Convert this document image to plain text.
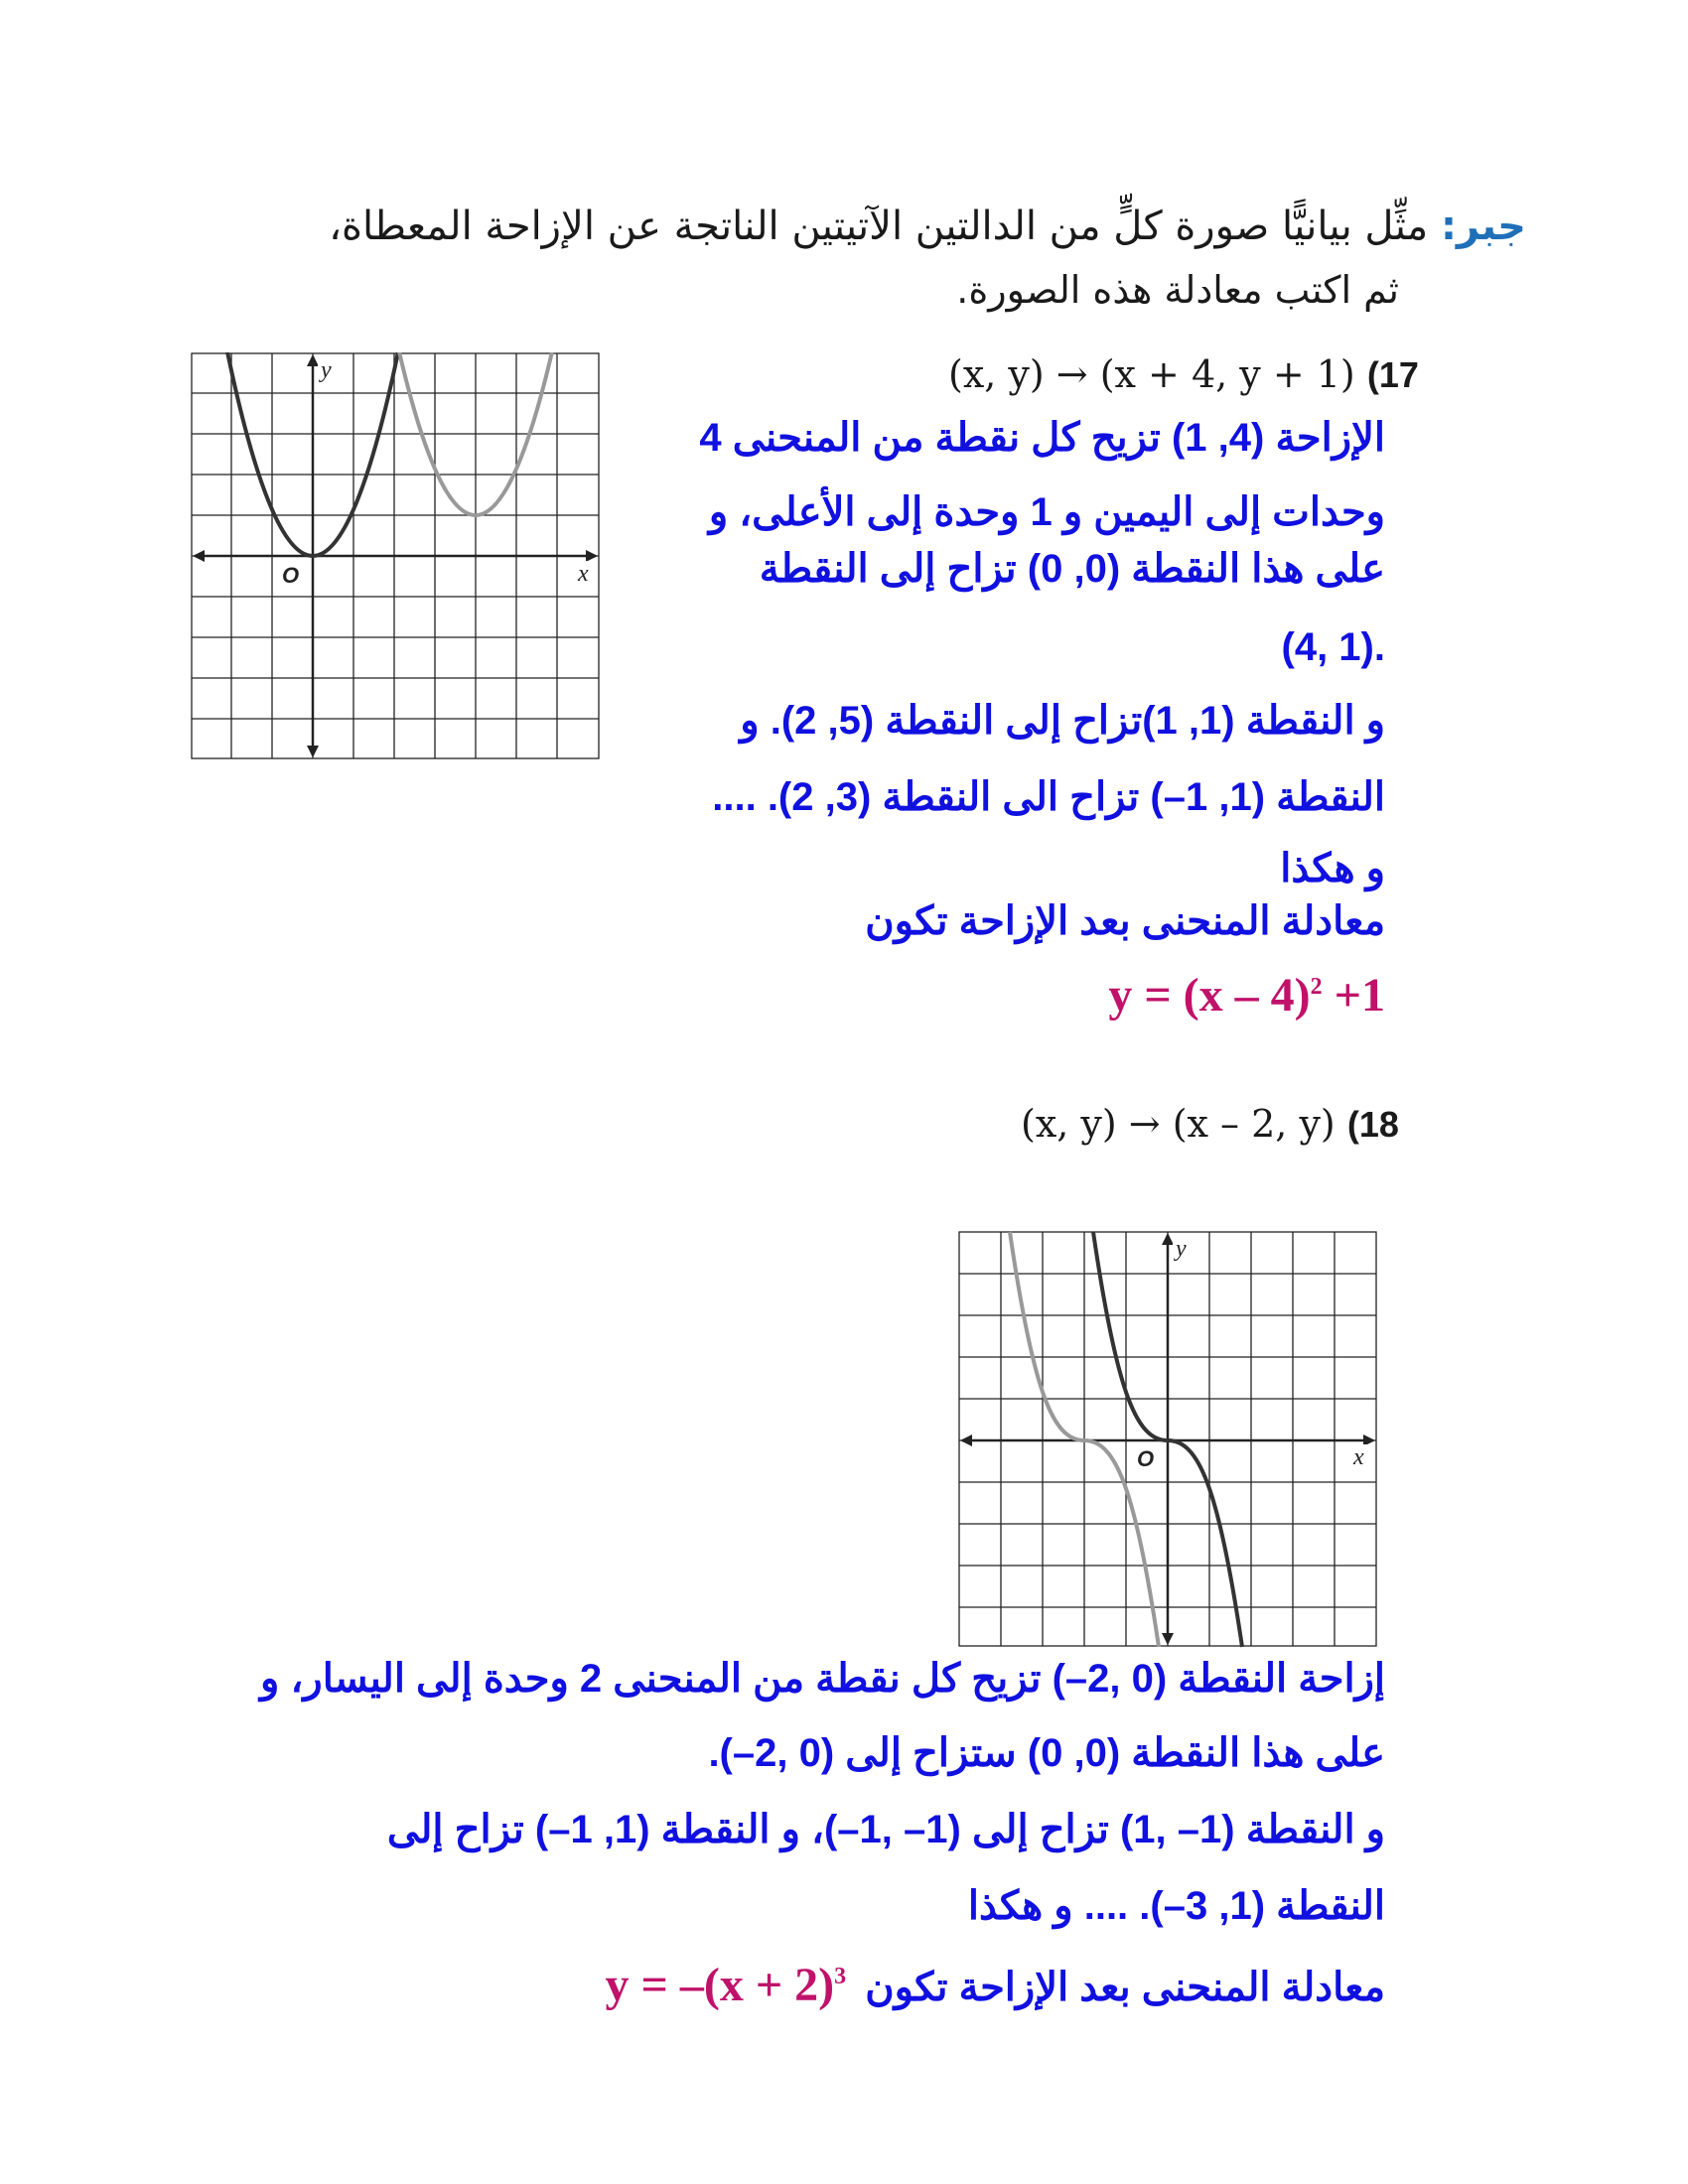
جبر: مثِّل بيانيًّا صورة كلٍّ من الدالتين الآتيتين الناتجة عن الإزاحة المعطاة،
ثم اكتب معادلة هذه الصورة.
(x, y) → (x + 4, y + 1) (17
O
y
x
الإزاحة (4, 1) تزيح كل نقطة من المنحنى 4
وحدات إلى اليمين و 1 وحدة إلى الأعلى، و
على هذا النقطة (0, 0) تزاح إلى النقطة
(4, 1).
و النقطة (1, 1)تزاح إلى النقطة (5, 2). و
النقطة (1, 1–) تزاح الى النقطة (3, 2). ....
و هكذا
معادلة المنحنى بعد الإزاحة تكون
y = (x – 4)$^2$ +1
(x, y) → (x – 2, y) (18
O
y
x
إزاحة النقطة (0 ,2–) تزيح كل نقطة من المنحنى 2 وحدة إلى اليسار، و
على هذا النقطة (0, 0) ستزاح إلى (0 ,2–).
و النقطة (1– ,1) تزاح إلى (1– ,1–)، و النقطة (1, 1–) تزاح إلى
النقطة (1, 3–). .... و هكذا
معادلة المنحنى بعد الإزاحة تكون $y = -(x + 2)^3$
